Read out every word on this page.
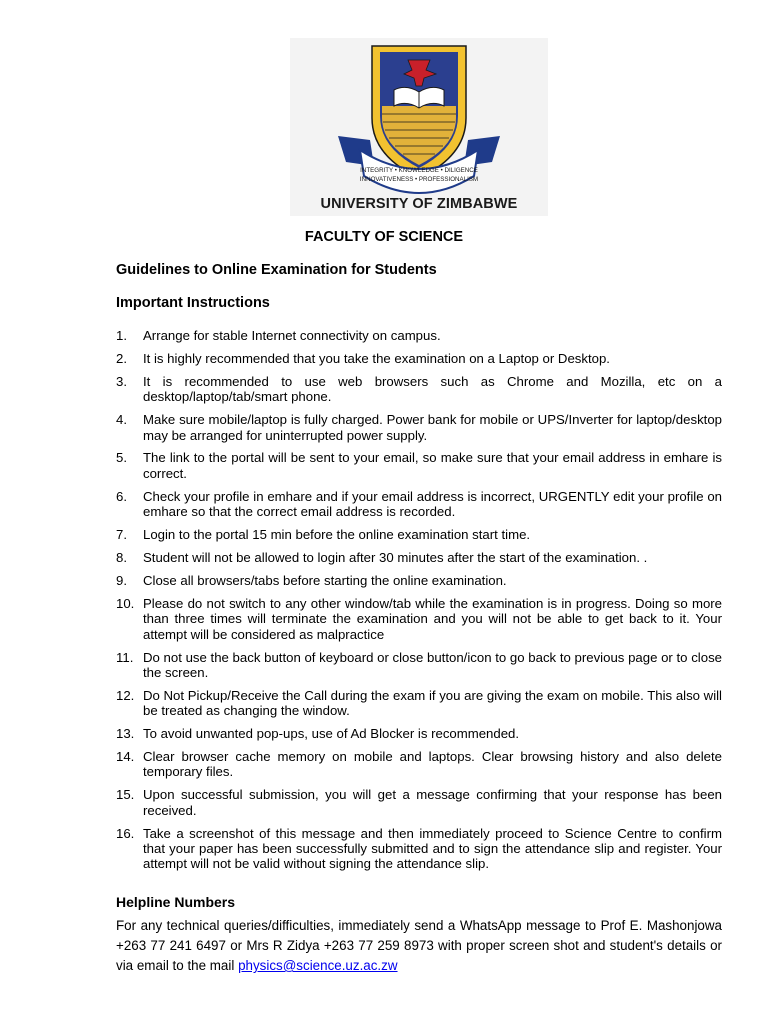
INTEGRITY • KNOWLEDGE • DILIGENCE
INNOVATIVENESS • PROFESSIONALISM
UNIVERSITY OF ZIMBABWE
FACULTY OF SCIENCE
Guidelines to Online Examination for Students
Important Instructions
1. Arrange for stable Internet connectivity on campus.
2. It is highly recommended that you take the examination on a Laptop or Desktop.
3. It is recommended to use web browsers such as Chrome and Mozilla, etc on a desktop/laptop/tab/smart phone.
4. Make sure mobile/laptop is fully charged. Power bank for mobile or UPS/Inverter for laptop/desktop may be arranged for uninterrupted power supply.
5. The link to the portal will be sent to your email, so make sure that your email address in emhare is correct.
6. Check your profile in emhare and if your email address is incorrect, URGENTLY edit your profile on emhare so that the correct email address is recorded.
7. Login to the portal 15 min before the online examination start time.
8. Student will not be allowed to login after 30 minutes after the start of the examination. .
9. Close all browsers/tabs before starting the online examination.
10. Please do not switch to any other window/tab while the examination is in progress. Doing so more than three times will terminate the examination and you will not be able to get back to it. Your attempt will be considered as malpractice
11. Do not use the back button of keyboard or close button/icon to go back to previous page or to close the screen.
12. Do Not Pickup/Receive the Call during the exam if you are giving the exam on mobile. This also will be treated as changing the window.
13. To avoid unwanted pop-ups, use of Ad Blocker is recommended.
14. Clear browser cache memory on mobile and laptops. Clear browsing history and also delete temporary files.
15. Upon successful submission, you will get a message confirming that your response has been received.
16. Take a screenshot of this message and then immediately proceed to Science Centre to confirm that your paper has been successfully submitted and to sign the attendance slip and register. Your attempt will not be valid without signing the attendance slip.
Helpline Numbers

For any technical queries/difficulties, immediately send a WhatsApp message to Prof E. Mashonjowa +263 77 241 6497 or Mrs R Zidya +263 77 259 8973 with proper screen shot and student's details or via email to the mail physics@science.uz.ac.zw
